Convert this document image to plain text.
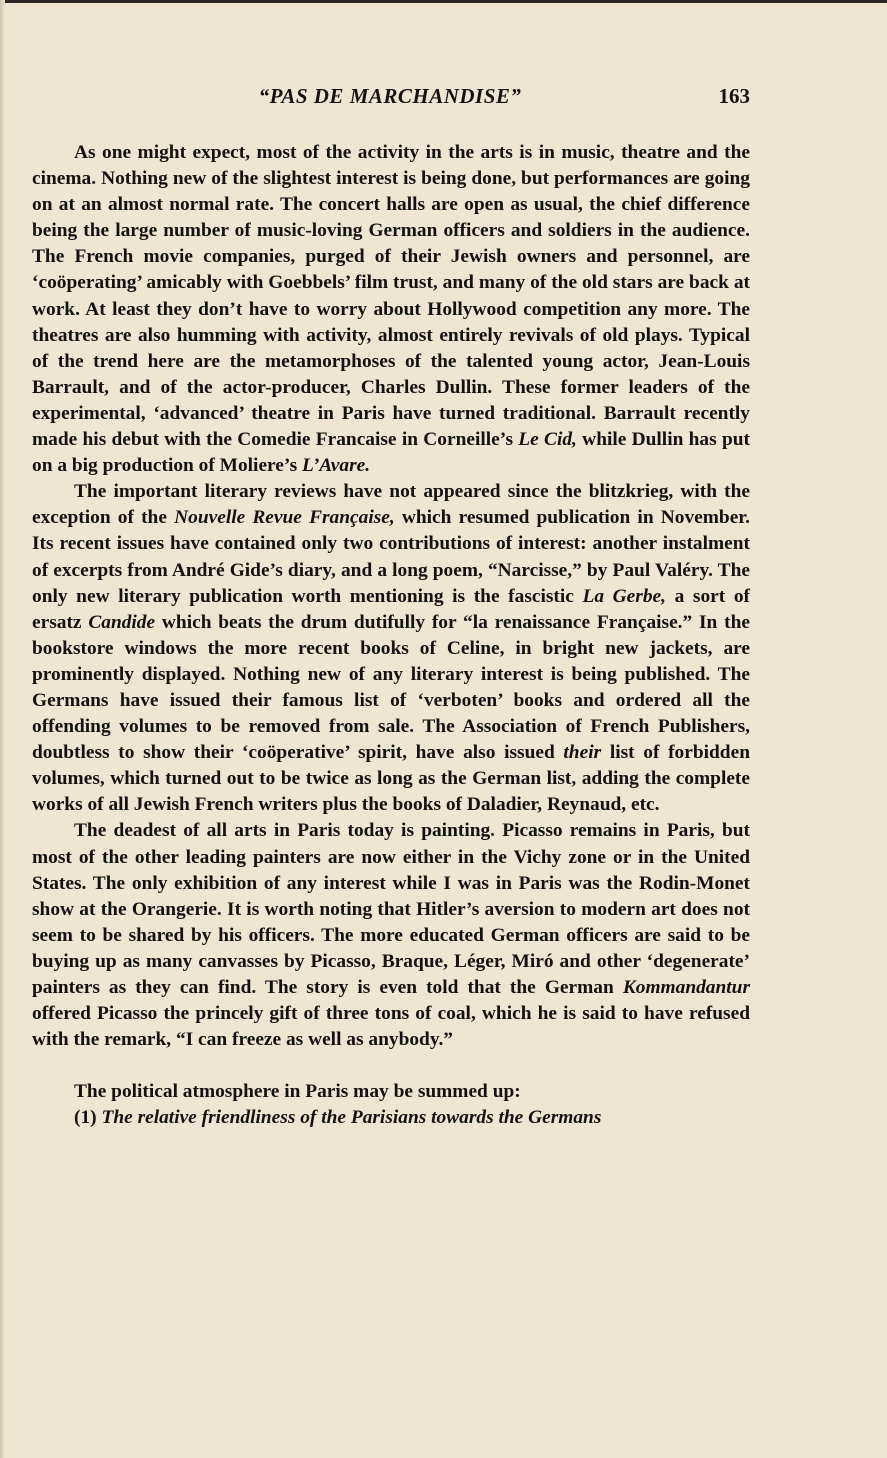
“PAS DE MARCHANDISE”	163

As one might expect, most of the activity in the arts is in music, theatre and the cinema. Nothing new of the slightest interest is being done, but performances are going on at an almost normal rate. The concert halls are open as usual, the chief difference being the large number of music-loving German officers and soldiers in the audience. The French movie companies, purged of their Jewish owners and personnel, are ‘coöperating’ amicably with Goebbels’ film trust, and many of the old stars are back at work. At least they don’t have to worry about Hollywood competition any more. The theatres are also humming with activity, almost entirely revivals of old plays. Typical of the trend here are the metamorphoses of the talented young actor, Jean-Louis Barrault, and of the actor-producer, Charles Dullin. These former leaders of the experimental, ‘advanced’ theatre in Paris have turned traditional. Barrault recently made his debut with the Comedie Francaise in Corneille’s Le Cid, while Dullin has put on a big production of Moliere’s L’Avare.

The important literary reviews have not appeared since the blitzkrieg, with the exception of the Nouvelle Revue Française, which resumed publication in November. Its recent issues have contained only two contributions of interest: another instalment of excerpts from André Gide’s diary, and a long poem, “Narcisse,” by Paul Valéry. The only new literary publication worth mentioning is the fascistic La Gerbe, a sort of ersatz Candide which beats the drum dutifully for “la renaissance Française.” In the bookstore windows the more recent books of Celine, in bright new jackets, are prominently displayed. Nothing new of any literary interest is being published. The Germans have issued their famous list of ‘verboten’ books and ordered all the offending volumes to be removed from sale. The Association of French Publishers, doubtless to show their ‘coöperative’ spirit, have also issued their list of forbidden volumes, which turned out to be twice as long as the German list, adding the complete works of all Jewish French writers plus the books of Daladier, Reynaud, etc.

The deadest of all arts in Paris today is painting. Picasso remains in Paris, but most of the other leading painters are now either in the Vichy zone or in the United States. The only exhibition of any interest while I was in Paris was the Rodin-Monet show at the Orangerie. It is worth noting that Hitler’s aversion to modern art does not seem to be shared by his officers. The more educated German officers are said to be buying up as many canvasses by Picasso, Braque, Léger, Miró and other ‘degenerate’ painters as they can find. The story is even told that the German Kommandantur offered Picasso the princely gift of three tons of coal, which he is said to have refused with the remark, “I can freeze as well as anybody.”

The political atmosphere in Paris may be summed up:

(1) The relative friendliness of the Parisians towards the Germans
